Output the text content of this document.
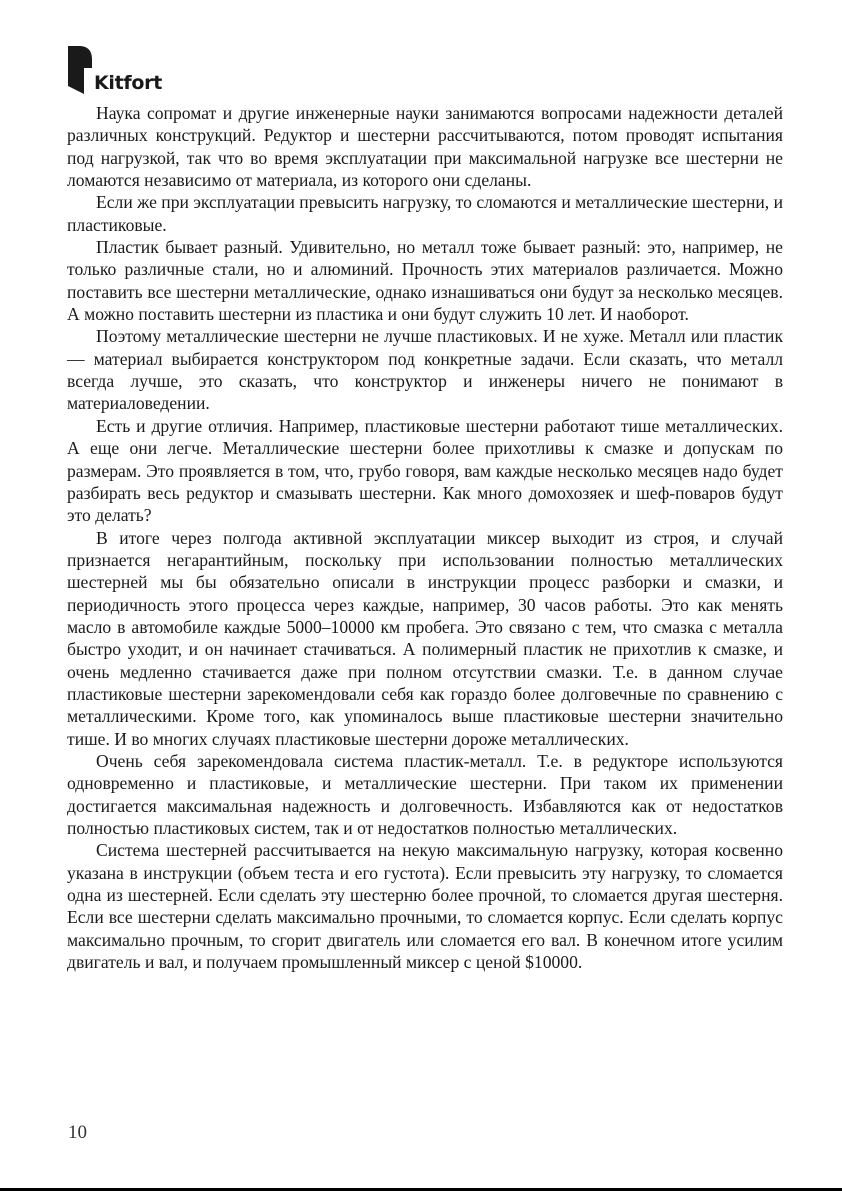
Kitfort

Наука сопромат и другие инженерные науки занимаются вопросами надежности деталей различных конструкций. Редуктор и шестерни рассчитываются, потом проводят испытания под нагрузкой, так что во время эксплуатации при максимальной нагрузке все шестерни не ломаются независимо от материала, из которого они сделаны.

Если же при эксплуатации превысить нагрузку, то сломаются и металлические шестерни, и пластиковые.

Пластик бывает разный. Удивительно, но металл тоже бывает разный: это, например, не только различные стали, но и алюминий. Прочность этих материалов различается. Можно поставить все шестерни металлические, однако изнашиваться они будут за несколько месяцев. А можно поставить шестерни из пластика и они будут служить 10 лет. И наоборот.

Поэтому металлические шестерни не лучше пластиковых. И не хуже. Металл или пластик — материал выбирается конструктором под конкретные задачи. Если сказать, что металл всегда лучше, это сказать, что конструктор и инженеры ничего не понимают в материаловедении.

Есть и другие отличия. Например, пластиковые шестерни работают тише металлических. А еще они легче. Металлические шестерни более прихотливы к смазке и допускам по размерам. Это проявляется в том, что, грубо говоря, вам каждые несколько месяцев надо будет разбирать весь редуктор и смазывать шестерни. Как много домохозяек и шеф-поваров будут это делать?

В итоге через полгода активной эксплуатации миксер выходит из строя, и случай признается негарантийным, поскольку при использовании полностью металлических шестерней мы бы обязательно описали в инструкции процесс разборки и смазки, и периодичность этого процесса через каждые, например, 30 часов работы. Это как менять масло в автомобиле каждые 5000–10000 км пробега. Это связано с тем, что смазка с металла быстро уходит, и он начинает стачиваться. А полимерный пластик не прихотлив к смазке, и очень медленно стачивается даже при полном отсутствии смазки. Т.е. в данном случае пластиковые шестерни зарекомендовали себя как гораздо более долговечные по сравнению с металлическими. Кроме того, как упоминалось выше пластиковые шестерни значительно тише. И во многих случаях пластиковые шестерни дороже металлических.

Очень себя зарекомендовала система пластик-металл. Т.е. в редукторе используются одновременно и пластиковые, и металлические шестерни. При таком их применении достигается максимальная надежность и долговечность. Избавляются как от недостатков полностью пластиковых систем, так и от недостатков полностью металлических.

Система шестерней рассчитывается на некую максимальную нагрузку, которая косвенно указана в инструкции (объем теста и его густота). Если превысить эту нагрузку, то сломается одна из шестерней. Если сделать эту шестерню более прочной, то сломается другая шестерня. Если все шестерни сделать максимально прочными, то сломается корпус. Если сделать корпус максимально прочным, то сгорит двигатель или сломается его вал. В конечном итоге усилим двигатель и вал, и получаем промышленный миксер с ценой $10000.

10
